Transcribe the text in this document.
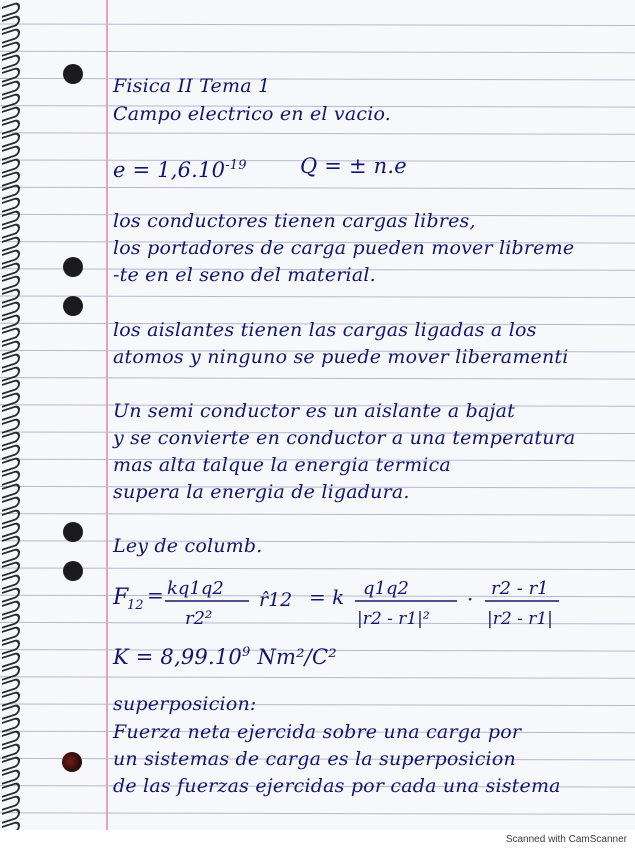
Fisica II Tema 1

Campo electrico en el vacio.

$e = 1,6.10^{-19}$	Q = ± n.e

los conductores tienen cargas libres,

los portadores de carga pueden mover libreme

-te en el seno del material.

los aislantes tienen las cargas ligadas a los

atomos y ninguno se puede mover liberamenti

Un semi conductor es un aislante a bajat

y se convierte en conductor a una temperatura

mas alta talque la energia termica

supera la energia de ligadura.

Ley de columb.

F
12 = kq1q2
r2²
r̂12 = k q1q2
|r2 - r1|²
· r2 - r1
|r2 - r1|

$K = 8,99.10^9$ Nm²/C²

superposicion:

Fuerza neta ejercida sobre una carga por

un sistemas de carga es la superposicion

de las fuerzas ejercidas por cada una sistema

Scanned with CamScanner
